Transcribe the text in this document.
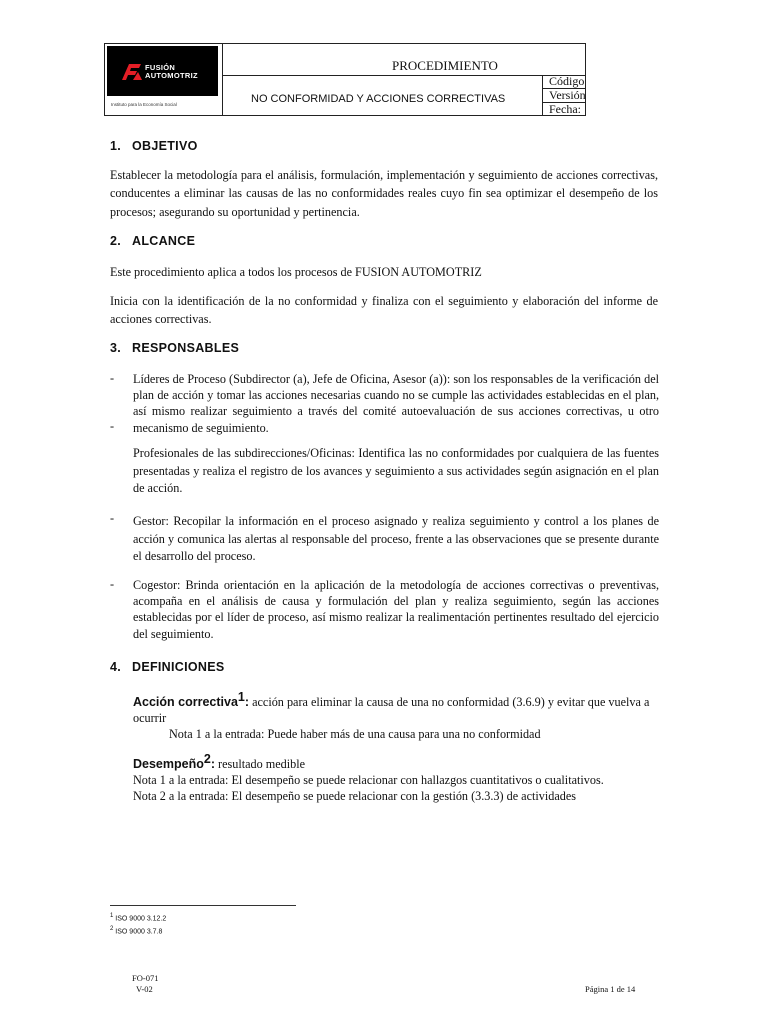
FUSIÓN
AUTOMOTRIZ
Instituto para la Economía Social
PROCEDIMIENTO
NO CONFORMIDAD Y ACCIONES CORRECTIVAS
Código
Versión
Fecha:
1. OBJETIVO
Establecer la metodología para el análisis, formulación, implementación y seguimiento de acciones correctivas, conducentes a eliminar las causas de las no conformidades reales cuyo fin sea optimizar el desempeño de los procesos; asegurando su oportunidad y pertinencia.
2. ALCANCE
Este procedimiento aplica a todos los procesos de FUSION AUTOMOTRIZ
Inicia con la identificación de la no conformidad y finaliza con el seguimiento y elaboración del informe de acciones correctivas.
3. RESPONSABLES
- Líderes de Proceso (Subdirector (a), Jefe de Oficina, Asesor (a)): son los responsables de la verificación del plan de acción y tomar las acciones necesarias cuando no se cumple las actividades establecidas en el plan, así mismo realizar seguimiento a través del comité autoevaluación de sus acciones correctivas, u otro mecanismo de seguimiento.
-
Profesionales de las subdirecciones/Oficinas: Identifica las no conformidades por cualquiera de las fuentes presentadas y realiza el registro de los avances y seguimiento a sus actividades según asignación en el plan de acción.
- Gestor: Recopilar la información en el proceso asignado y realiza seguimiento y control a los planes de acción y comunica las alertas al responsable del proceso, frente a las observaciones que se presente durante el desarrollo del proceso.
- Cogestor: Brinda orientación en la aplicación de la metodología de acciones correctivas o preventivas, acompaña en el análisis de causa y formulación del plan y realiza seguimiento, según las acciones establecidas por el líder de proceso, así mismo realizar la realimentación pertinentes resultado del ejercicio del seguimiento.
4. DEFINICIONES
Acción correctiva$^1$: acción para eliminar la causa de una no conformidad (3.6.9) y evitar que vuelva a ocurrir
Nota 1 a la entrada: Puede haber más de una causa para una no conformidad
Desempeño$^2$: resultado medible
Nota 1 a la entrada: El desempeño se puede relacionar con hallazgos cuantitativos o cualitativos.
Nota 2 a la entrada: El desempeño se puede relacionar con la gestión (3.3.3) de actividades
$^1$ ISO 9000 3.12.2
$^2$ ISO 9000 3.7.8
FO-071
V-02	Página 1 de 14
